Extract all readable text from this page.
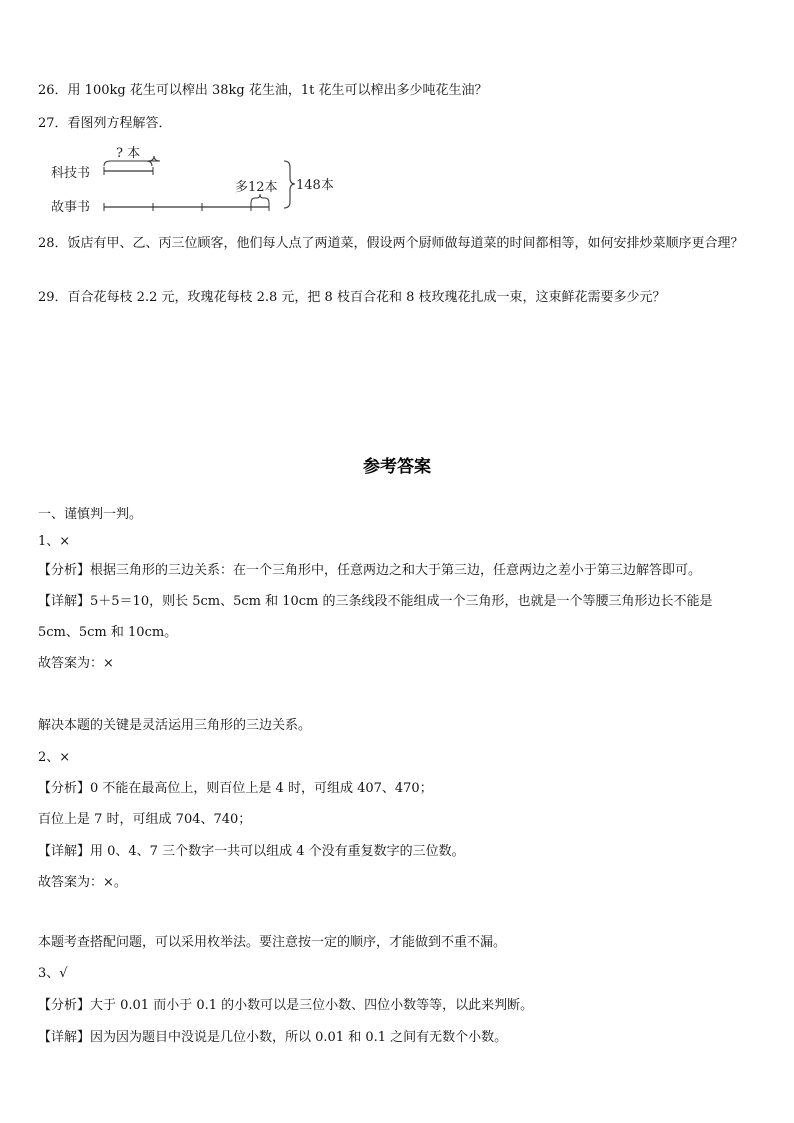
26．用 100kg 花生可以榨出 38kg 花生油，1t 花生可以榨出多少吨花生油？
27．看图列方程解答．
科技书
? 本
故事书
多12本 148本
28．饭店有甲、乙、丙三位顾客，他们每人点了两道菜，假设两个厨师做每道菜的时间都相等，如何安排炒菜顺序更合理？
29．百合花每枝 2.2 元，玫瑰花每枝 2.8 元，把 8 枝百合花和 8 枝玫瑰花扎成一束，这束鲜花需要多少元？
参考答案
一、谨慎判一判。
1、×
【分析】根据三角形的三边关系：在一个三角形中，任意两边之和大于第三边，任意两边之差小于第三边解答即可。
【详解】5＋5＝10，则长 5cm、5cm 和 10cm 的三条线段不能组成一个三角形，也就是一个等腰三角形边长不能是
5cm、5cm 和 10cm。
故答案为：×
解决本题的关键是灵活运用三角形的三边关系。
2、×
【分析】0 不能在最高位上，则百位上是 4 时，可组成 407、470；
百位上是 7 时，可组成 704、740；
【详解】用 0、4、7 三个数字一共可以组成 4 个没有重复数字的三位数。
故答案为：×。
本题考查搭配问题，可以采用枚举法。要注意按一定的顺序，才能做到不重不漏。
3、√
【分析】大于 0.01 而小于 0.1 的小数可以是三位小数、四位小数等等，以此来判断。
【详解】因为因为题目中没说是几位小数，所以 0.01 和 0.1 之间有无数个小数。
